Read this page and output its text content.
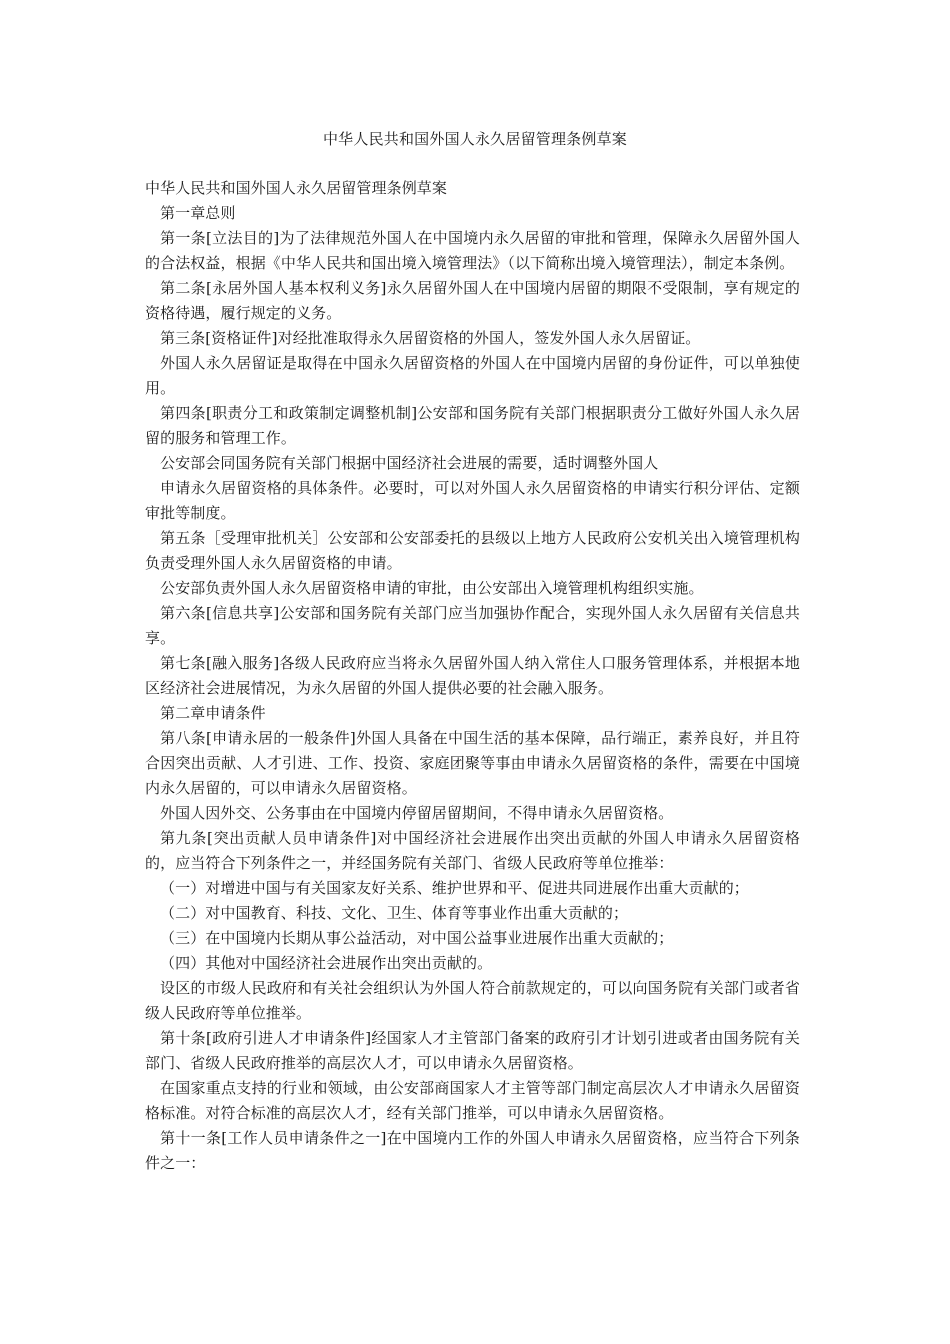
中华人民共和国外国人永久居留管理条例草案

中华人民共和国外国人永久居留管理条例草案

第一章总则

第一条[立法目的]为了法律规范外国人在中国境内永久居留的审批和管理，保障永久居留外国人的合法权益，根据《中华人民共和国出境入境管理法》（以下简称出境入境管理法），制定本条例。

第二条[永居外国人基本权利义务]永久居留外国人在中国境内居留的期限不受限制，享有规定的资格待遇，履行规定的义务。

第三条[资格证件]对经批准取得永久居留资格的外国人，签发外国人永久居留证。

外国人永久居留证是取得在中国永久居留资格的外国人在中国境内居留的身份证件，可以单独使用。

第四条[职责分工和政策制定调整机制]公安部和国务院有关部门根据职责分工做好外国人永久居留的服务和管理工作。

公安部会同国务院有关部门根据中国经济社会进展的需要，适时调整外国人

申请永久居留资格的具体条件。必要时，可以对外国人永久居留资格的申请实行积分评估、定额审批等制度。

第五条［受理审批机关］公安部和公安部委托的县级以上地方人民政府公安机关出入境管理机构负责受理外国人永久居留资格的申请。

公安部负责外国人永久居留资格申请的审批，由公安部出入境管理机构组织实施。

第六条[信息共享]公安部和国务院有关部门应当加强协作配合，实现外国人永久居留有关信息共享。

第七条[融入服务]各级人民政府应当将永久居留外国人纳入常住人口服务管理体系，并根据本地区经济社会进展情况，为永久居留的外国人提供必要的社会融入服务。

第二章申请条件

第八条[申请永居的一般条件]外国人具备在中国生活的基本保障，品行端正，素养良好，并且符合因突出贡献、人才引进、工作、投资、家庭团聚等事由申请永久居留资格的条件，需要在中国境内永久居留的，可以申请永久居留资格。

外国人因外交、公务事由在中国境内停留居留期间，不得申请永久居留资格。

第九条[突出贡献人员申请条件]对中国经济社会进展作出突出贡献的外国人申请永久居留资格的，应当符合下列条件之一，并经国务院有关部门、省级人民政府等单位推举：

（一）对增进中国与有关国家友好关系、维护世界和平、促进共同进展作出重大贡献的；

（二）对中国教育、科技、文化、卫生、体育等事业作出重大贡献的；

（三）在中国境内长期从事公益活动，对中国公益事业进展作出重大贡献的；

（四）其他对中国经济社会进展作出突出贡献的。

设区的市级人民政府和有关社会组织认为外国人符合前款规定的，可以向国务院有关部门或者省级人民政府等单位推举。

第十条[政府引进人才申请条件]经国家人才主管部门备案的政府引才计划引进或者由国务院有关部门、省级人民政府推举的高层次人才，可以申请永久居留资格。

在国家重点支持的行业和领域，由公安部商国家人才主管等部门制定高层次人才申请永久居留资格标准。对符合标准的高层次人才，经有关部门推举，可以申请永久居留资格。

第十一条[工作人员申请条件之一]在中国境内工作的外国人申请永久居留资格，应当符合下列条件之一：
